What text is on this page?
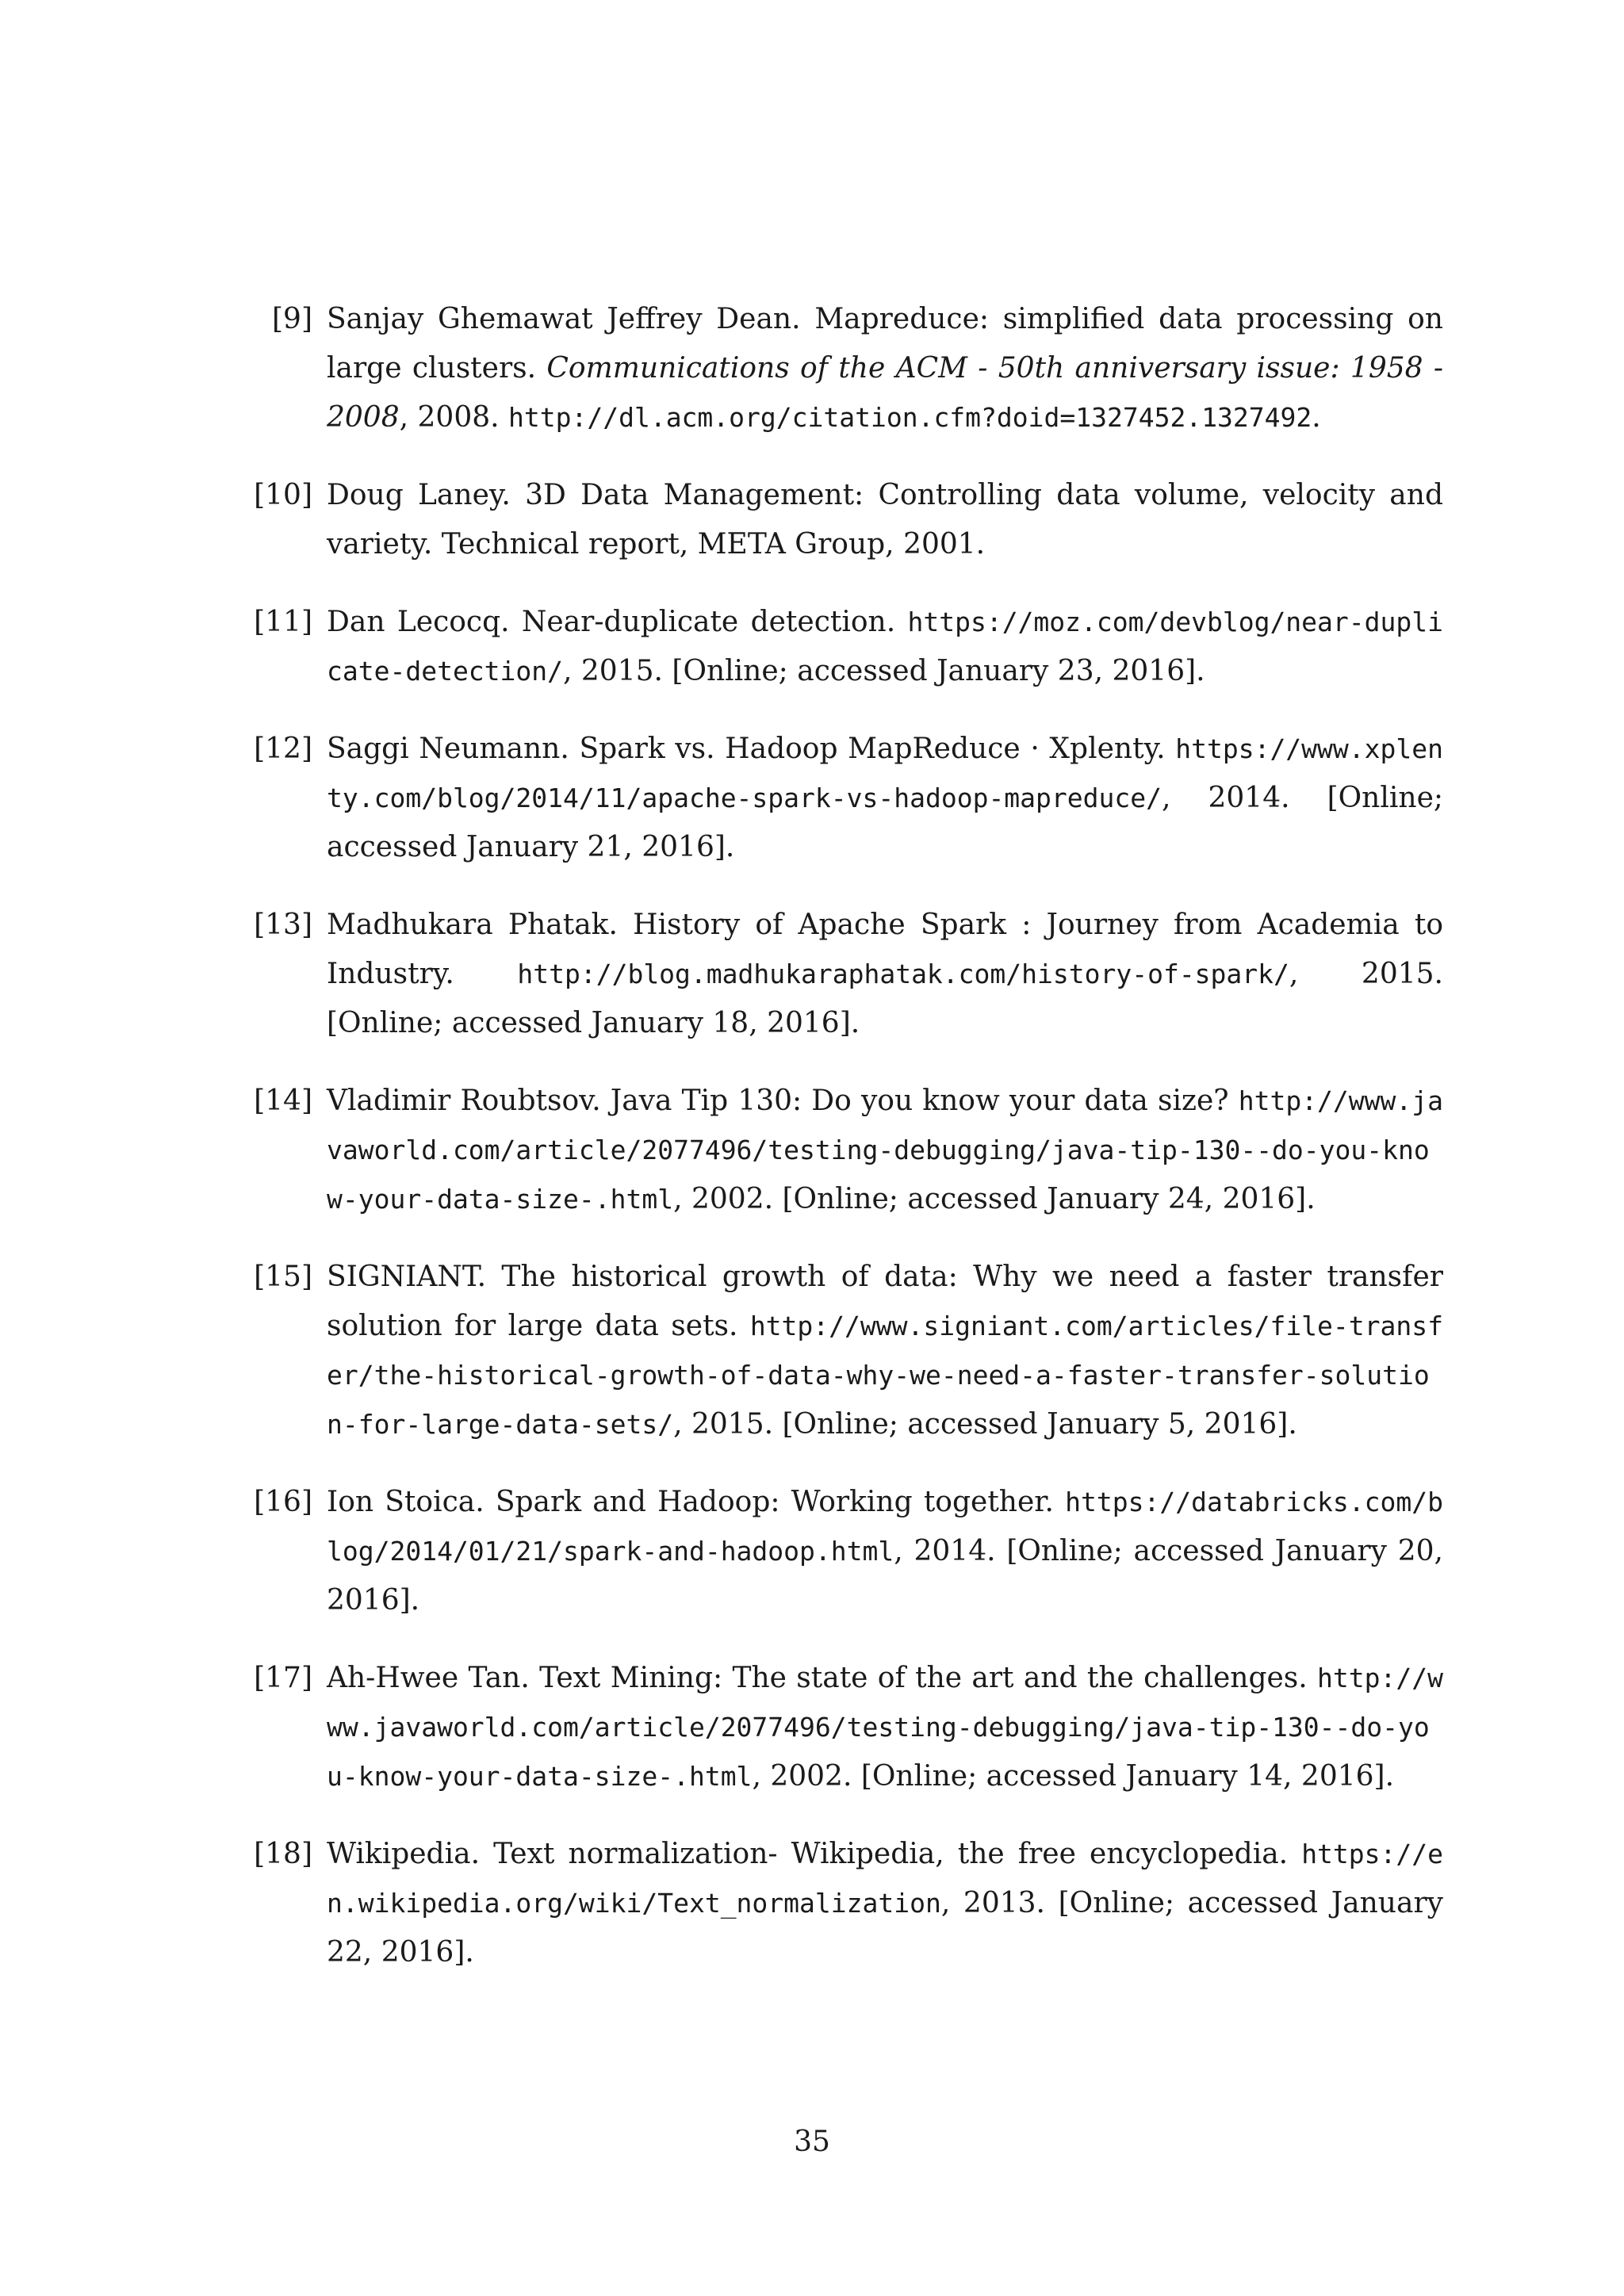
[9] Sanjay Ghemawat Jeffrey Dean. Mapreduce: simplified data processing on large clusters. Communications of the ACM - 50th anniversary issue: 1958 - 2008, 2008. http://dl.acm.org/citation.cfm?doid=1327452.1327492.
[10] Doug Laney. 3D Data Management: Controlling data volume, velocity and variety. Technical report, META Group, 2001.
[11] Dan Lecocq. Near-duplicate detection. https://moz.com/devblog/near-duplicate-detection/, 2015. [Online; accessed January 23, 2016].
[12] Saggi Neumann. Spark vs. Hadoop MapReduce · Xplenty. https://www.xplenty.com/blog/2014/11/apache-spark-vs-hadoop-mapreduce/, 2014. [Online; accessed January 21, 2016].
[13] Madhukara Phatak. History of Apache Spark : Journey from Academia to Industry. http://blog.madhukaraphatak.com/history-of-spark/, 2015. [Online; accessed January 18, 2016].
[14] Vladimir Roubtsov. Java Tip 130: Do you know your data size? http://www.javaworld.com/article/2077496/testing-debugging/java-tip-130--do-you-know-your-data-size-.html, 2002. [Online; accessed January 24, 2016].
[15] SIGNIANT. The historical growth of data: Why we need a faster transfer solution for large data sets. http://www.signiant.com/articles/file-transfer/the-historical-growth-of-data-why-we-need-a-faster-transfer-solution-for-large-data-sets/, 2015. [Online; accessed January 5, 2016].
[16] Ion Stoica. Spark and Hadoop: Working together. https://databricks.com/blog/2014/01/21/spark-and-hadoop.html, 2014. [Online; accessed January 20, 2016].
[17] Ah-Hwee Tan. Text Mining: The state of the art and the challenges. http://www.javaworld.com/article/2077496/testing-debugging/java-tip-130--do-you-know-your-data-size-.html, 2002. [Online; accessed January 14, 2016].
[18] Wikipedia. Text normalization- Wikipedia, the free encyclopedia. https://en.wikipedia.org/wiki/Text_normalization, 2013. [Online; accessed January 22, 2016].
35
